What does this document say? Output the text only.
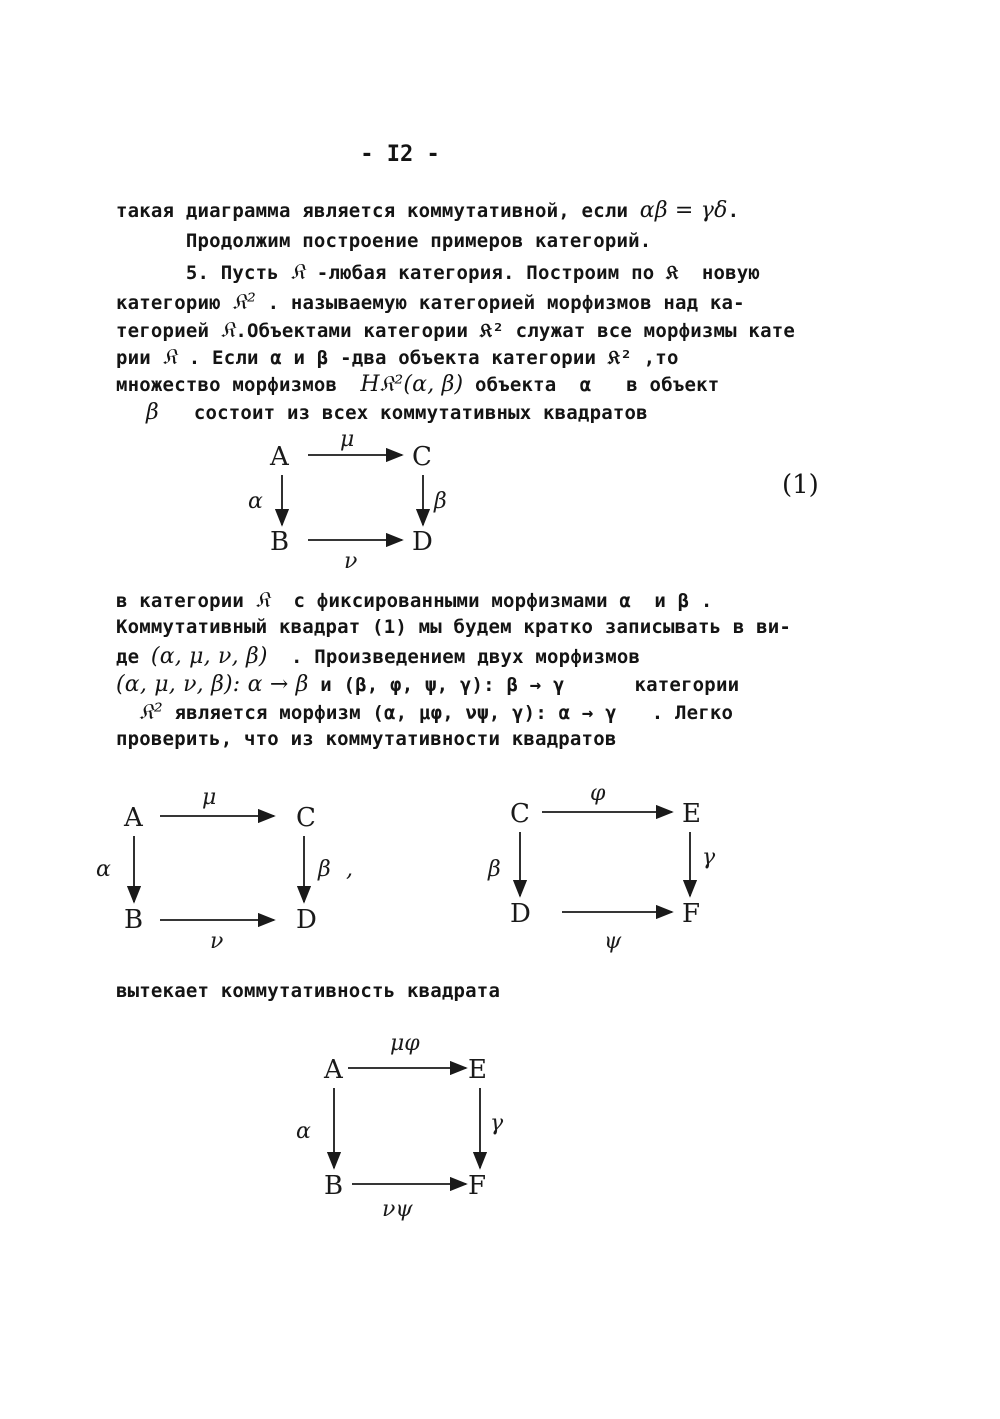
- I2 -
такая диаграмма является коммутативной, если αβ = γδ.
Продолжим построение примеров категорий.
5. Пусть 𝔎 -любая категория. Построим по 𝔎  новую
категорию 𝔎² . называемую категорией морфизмов над ка-
тегорией 𝔎.Объектами категории 𝔎² служат все морфизмы кате
рии 𝔎 . Если α и β -два объекта категории 𝔎² ,то
множество морфизмов  H𝔎²(α, β) объекта  α   в объект
β   состоит из всех коммутативных квадратов
(1)
в категории 𝔎  с фиксированными морфизмами α  и β .
Коммутативный квадрат (1) мы будем кратко записывать в ви-
де (α, μ, ν, β)  . Произведением двух морфизмов
(α, μ, ν, β): α → β и (β, φ, ψ, γ): β → γ      категории
𝔎² является морфизм (α, μφ, νψ, γ): α → γ   . Легко
проверить, что из коммутативности квадратов
вытекает коммутативность квадрата
A	C
B	D
μ
α	β
ν
A	C
B	D
μ
α	β ,
ν
C	E
D	F
φ
β	γ
ψ
A	E
B	F
μφ
α	γ
νψ
